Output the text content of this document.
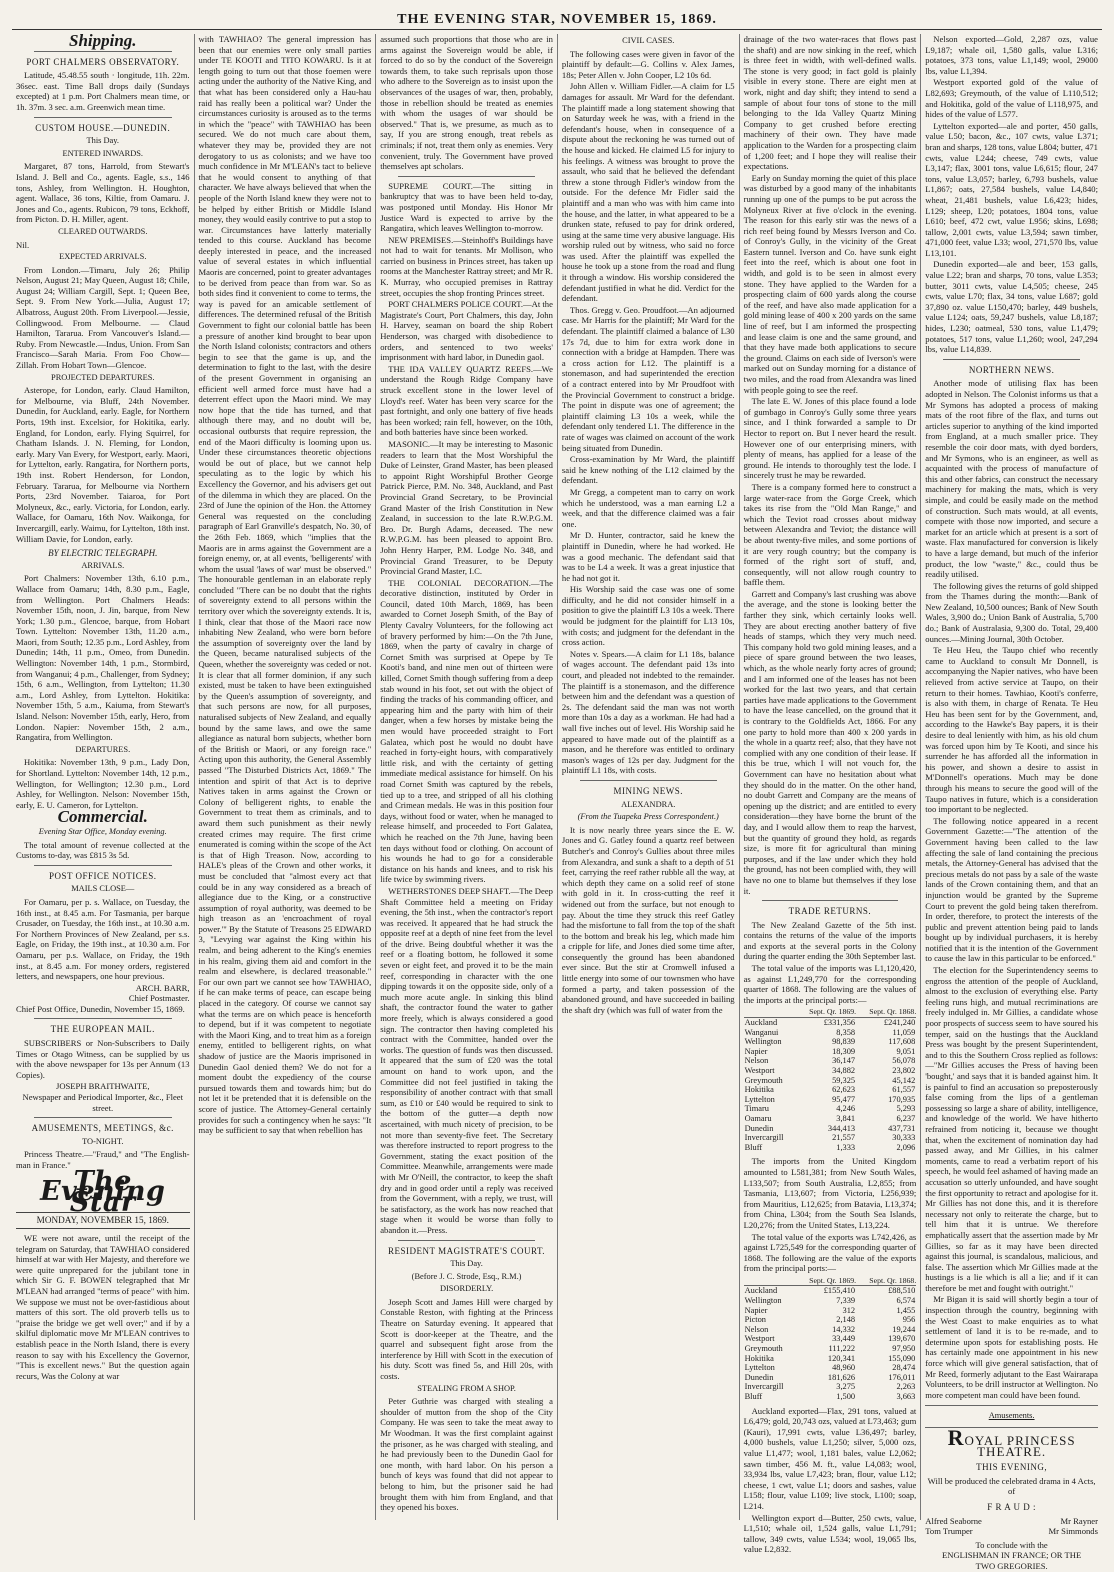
THE EVENING STAR, NOVEMBER 15, 1869.
Shipping.
PORT CHALMERS OBSERVATORY.

Latitude, 45.48.55 south · longitude, 11h. 22m. 36sec. east. Time Ball drops daily (Sundays excepted) at 1 p.m. Port Chalmers mean time, or 1h. 37m. 3 sec. a.m. Greenwich mean time.

CUSTOM HOUSE.—DUNEDIN.
This Day.
ENTERED INWARDS.

Margaret, 87 tons, Harrold, from Stewart's Island. J. Bell and Co., agents. Eagle, s.s., 146 tons, Ashley, from Wellington. H. Houghton, agent. Wallace, 36 tons, Kiltie, from Oamaru. J. Jones and Co., agents. Rubicon, 79 tons, Eckhoff, from Picton. D. H. Miller, agent.

CLEARED OUTWARDS.

Nil.

EXPECTED ARRIVALS.

From London.—Timaru, July 26; Philip Nelson, August 21; May Queen, August 18; Chile, August 24; William Cargill, Sept. 1; Queen Bee, Sept. 9. From New York.—Julia, August 17; Albatross, August 20th. From Liverpool.—Jessie, Collingwood. From Melbourne. — Claud Hamilton, Tararua. From Vancouver's Island.—Ruby. From Newcastle.—Indus, Union. From San Francisco—Sarah Maria. From Foo Chow—Zillah. From Hobart Town—Glencoe.

PROJECTED DEPARTURES.

Asterope, for London, early. Claud Hamilton, for Melbourne, via Bluff, 24th November. Dunedin, for Auckland, early. Eagle, for Northern Ports, 19th inst. Excelsior, for Hokitika, early. England, for London, early. Flying Squirrel, for Chatham Islands. J. N. Fleming, for London, early. Mary Van Every, for Westport, early. Maori, for Lyttelton, early. Rangatira, for Northern ports, 19th inst. Robert Henderson, for London, February. Tararua, for Melbourne via Northern Ports, 23rd November. Taiaroa, for Port Molyneux, &c., early. Victoria, for London, early. Wallace, for Oamaru, 16th Nov. Waikonga, for Invercargill, early. Waimu, for Lyttelton, 18th inst. William Davie, for London, early.

BY ELECTRIC TELEGRAPH.
ARRIVALS.

Port Chalmers: November 13th, 6.10 p.m., Wallace from Oamaru; 14th, 8.30 p.m., Eagle, from Wellington. Port Chalmers Heads: November 15th, noon, J. Jin, barque, from New York; 1.30 p.m., Glencoe, barque, from Hobart Town. Lyttelton: November 13th, 11.20 a.m., Maori, from South; 12.35 p.m., Lord Ashley, from Dunedin; 14th, 11 p.m., Omeo, from Dunedin. Wellington: November 14th, 1 p.m., Stormbird, from Wanganui; 4 p.m., Challenger, from Sydney; 15th, 6 a.m., Wellington, from Lyttelton; 11.30 a.m., Lord Ashley, from Lyttelton. Hokitika: November 15th, 5 a.m., Kaiuma, from Stewart's Island. Nelson: November 15th, early, Hero, from London. Napier: November 15th, 2 a.m., Rangatira, from Wellington.

DEPARTURES.

Hokitika: November 13th, 9 p.m., Lady Don, for Shortland. Lyttelton: November 14th, 12 p.m., Wellington, for Wellington; 12.30 p.m., Lord Ashley, for Wellington. Nelson: November 15th, early, E. U. Cameron, for Lyttelton.

Commercial.
Evening Star Office, Monday evening.

The total amount of revenue collected at the Customs to-day, was £815 3s 5d.

POST OFFICE NOTICES.
MAILS CLOSE—

For Oamaru, per p. s. Wallace, on Tuesday, the 16th inst., at 8.45 a.m. For Tasmania, per barque Crusader, on Tuesday, the 16th inst., at 10.30 a.m. For Northern Provinces of New Zealand, per s.s. Eagle, on Friday, the 19th inst., at 10.30 a.m. For Oamaru, per p.s. Wallace, on Friday, the 19th inst., at 8.45 a.m. For money orders, registered letters, and newspapers, one hour previous.

ARCH. BARR,
Chief Postmaster.

Chief Post Office, Dunedin, November 15, 1869.

THE EUROPEAN MAIL.

SUBSCRIBERS or Non-Subscribers to Daily Times or Otago Witness, can be supplied by us with the above newspaper for 13s per Annum (13 Copies).

JOSEPH BRAITHWAITE,
Newspaper and Periodical Importer, &c., Fleet street.
AMUSEMENTS, MEETINGS, &c.
TO-NIGHT.

Princess Theatre.—"Fraud," and "The English-man in France."

The Evening Star
MONDAY, NOVEMBER 15, 1869.

WE were not aware, until the receipt of the telegram on Saturday, that TAWHIAO considered himself at war with Her Majesty, and therefore we were quite unprepared for the jubilant tone in which Sir G. F. BOWEN telegraphed that Mr M'LEAN had arranged "terms of peace" with him. We suppose we must not be over-fastidious about matters of this sort. The old proverb tells us to "praise the bridge we get well over;" and if by a skilful diplomatic move Mr M'LEAN contrives to establish peace in the North Island, there is every reason to say with his Excellency the Governor, "This is excellent news." But the question again recurs, Was the Colony at war

with TAWHIAO? The general impression has been that our enemies were only small parties under TE KOOTI and TITO KOWARU. Is it at length going to turn out that those foemen were acting under the authority of the Native King, and that what has been considered only a Hau-hau raid has really been a political war? Under the circumstances curiosity is aroused as to the terms in which the "peace" with TAWHIAO has been secured. We do not much care about them, whatever they may be, provided they are not derogatory to us as colonists; and we have too much confidence in Mr M'LEAN's tact to believe that he would consent to anything of that character. We have always believed that when the people of the North Island knew they were not to be helped by either British or Middle Island money, they would easily contrive to put a stop to war. Circumstances have latterly materially tended to this course. Auckland has become deeply interested in peace, and the increased value of several estates in which influential Maoris are concerned, point to greater advantages to be derived from peace than from war. So as both sides find it convenient to come to terms, the way is paved for an amicable settlement of differences. The determined refusal of the British Government to fight our colonial battle has been a pressure of another kind brought to bear upon the North Island colonists; contractors and others begin to see that the game is up, and the determination to fight to the last, with the desire of the present Government in organising an efficient well armed force must have had a deterrent effect upon the Maori mind. We may now hope that the tide has turned, and that although there may, and no doubt will be, occasional outbursts that require repression, the end of the Maori difficulty is looming upon us. Under these circumstances theoretic objections would be out of place, but we cannot help speculating as to the logic by which his Excellency the Governor, and his advisers get out of the dilemma in which they are placed. On the 23rd of June the opinion of the Hon. the Attorney General was requested on the concluding paragraph of Earl Granville's despatch, No. 30, of the 26th Feb. 1869, which "implies that the Maoris are in arms against the Government are a foreign enemy, or, at all events, 'belligerents' with whom the usual 'laws of war' must be observed." The honourable gentleman in an elaborate reply concluded "There can be no doubt that the rights of sovereignty extend to all persons within the territory over which the sovereignty extends. It is, I think, clear that those of the Maori race now inhabiting New Zealand, who were born before the assumption of sovereignty over the land by the Queen, became naturalised subjects of the Queen, whether the sovereignty was ceded or not. It is clear that all former dominion, if any such existed, must be taken to have been extinguished by the Queen's assumption of sovereignty, and that such persons are now, for all purposes, naturalised subjects of New Zealand, and equally bound by the same laws, and owe the same allegiance as natural born subjects, whether born of the British or Maori, or any foreign race." Acting upon this authority, the General Assembly passed "The Disturbed Districts Act, 1869." The intention and spirit of that Act is to deprive Natives taken in arms against the Crown or Colony of belligerent rights, to enable the Government to treat them as criminals, and to award them such punishment as their newly created crimes may require. The first crime enumerated is coming within the scope of the Act is that of High Treason. Now, according to HALE's pleas of the Crown and other works, it must be concluded that "almost every act that could be in any way considered as a breach of allegiance due to the King, or a constructive assumption of royal authority, was deemed to be high treason as an 'encroachment of royal power.'" By the Statute of Treasons 25 EDWARD 3, "Levying war against the King within his realm, and being adherent to the King's enemies in his realm, giving them aid and comfort in the realm and elsewhere, is declared treasonable." For our own part we cannot see how TAWHIAO, if he can make terms of peace, can escape being placed in the category. Of course we cannot say what the terms are on which peace is henceforth to depend, but if it was competent to negotiate with the Maori King, and to treat him as a foreign enemy, entitled to belligerent rights, on what shadow of justice are the Maoris imprisoned in Dunedin Gaol denied them? We do not for a moment doubt the expediency of the course pursued towards them and towards him; but do not let it be pretended that it is defensible on the score of justice. The Attorney-General certainly provides for such a contingency when he says: "It may be sufficient to say that when rebellion has

assumed such proportions that those who are in arms against the Sovereign would be able, if forced to do so by the conduct of the Sovereign towards them, to take such reprisals upon those who adhere to the Sovereign as to insist upon the observances of the usages of war, then, probably, those in rebellion should be treated as enemies with whom the usages of war should be observed." That is, we presume, as much as to say, If you are strong enough, treat rebels as criminals; if not, treat them only as enemies. Very convenient, truly. The Government have proved themselves apt scholars.

SUPREME COURT.—The sitting in bankruptcy that was to have been held to-day, was postponed until Monday. His Honor Mr Justice Ward is expected to arrive by the Rangatira, which leaves Wellington to-morrow.

NEW PREMISES.—Steinhoff's Buildings have not had to wait for tenants. Mr Mollison, who carried on business in Princes street, has taken up rooms at the Manchester Rattray street; and Mr R. K. Murray, who occupied premises in Rattray street, occupies the shop fronting Princes street.

PORT CHALMERS POLICE COURT.—At the Magistrate's Court, Port Chalmers, this day, John H. Harvey, seaman on board the ship Robert Henderson, was charged with disobedience to orders, and sentenced to two weeks' imprisonment with hard labor, in Dunedin gaol.

THE IDA VALLEY QUARTZ REEFS.—We understand the Rough Ridge Company have struck excellent stone in the lower level of Lloyd's reef. Water has been very scarce for the past fortnight, and only one battery of five heads has been worked; rain fell, however, on the 10th, and both batteries have since been worked.

MASONIC.—It may be interesting to Masonic readers to learn that the Most Worshipful the Duke of Leinster, Grand Master, has been pleased to appoint Right Worshipful Brother George Patrick Pierce, P.M. No. 348, Auckland, and Past Provincial Grand Secretary, to be Provincial Grand Master of the Irish Constitution in New Zealand, in succession to the late R.W.P.G.M. Bro. Dr. Burgh Adams, deceased. The new R.W.P.G.M. has been pleased to appoint Bro. John Henry Harper, P.M. Lodge No. 348, and Provincial Grand Treasurer, to be Deputy Provincial Grand Master, I.C.

THE COLONIAL DECORATION.—The decorative distinction, instituted by Order in Council, dated 10th March, 1869, has been awarded to Cornet Joseph Smith, of the Bay of Plenty Cavalry Volunteers, for the following act of bravery performed by him:—On the 7th June, 1869, when the party of cavalry in charge of Cornet Smith was surprised at Opepe by Te Kooti's band, and nine men out of thirteen were killed, Cornet Smith though suffering from a deep stab wound in his foot, set out with the object of finding the tracks of his commanding officer, and appearing him and the party with him of their danger, when a few horses by mistake being the men would have proceeded straight to Fort Galatea, which post he would no doubt have reached in forty-eight hours, with comparatively little risk, and with the certainty of getting immediate medical assistance for himself. On his road Cornet Smith was captured by the rebels, tied up to a tree, and stripped of all his clothing and Crimean medals. He was in this position four days, without food or water, when he managed to release himself, and proceeded to Fort Galatea, which he reached on the 7th June, having been ten days without food or clothing. On account of his wounds he had to go for a considerable distance on his hands and knees, and to risk his life twice by swimming rivers.

WETHERSTONES DEEP SHAFT.—The Deep Shaft Committee held a meeting on Friday evening, the 5th inst., when the contractor's report was received. It appeared that he had struck the opposite reef at a depth of nine feet from the level of the drive. Being doubtful whether it was the reef or a floating bottom, he followed it some seven or eight feet, and proved it to be the main reef, corresponding in character with the one dipping towards it on the opposite side, only of a much more acute angle. In sinking this blind shaft, the contractor found the water to gather more freely, which is always considered a good sign. The contractor then having completed his contract with the Committee, handed over the works. The question of funds was then discussed. It appeared that the sum of £20 was the total amount on hand to work upon, and the Committee did not feel justified in taking the responsibility of another contract with that small sum, as £10 or £40 would be required to sink to the bottom of the gutter—a depth now ascertained, with much nicety of precision, to be not more than seventy-five feet. The Secretary was therefore instructed to report progress to the Government, stating the exact position of the Committee. Meanwhile, arrangements were made with Mr O'Neill, the contractor, to keep the shaft dry and in good order until a reply was received from the Government, with a reply, we trust, will be satisfactory, as the work has now reached that stage when it would be worse than folly to abandon it.—Press.

RESIDENT MAGISTRATE'S COURT.
This Day.
(Before J. C. Strode, Esq., R.M.)
DISORDERLY.

Joseph Scott and James Hill were charged by Constable Reston, with fighting at the Princess Theatre on Saturday evening. It appeared that Scott is door-keeper at the Theatre, and the quarrel and subsequent fight arose from the interference by Hill with Scott in the execution of his duty. Scott was fined 5s, and Hill 20s, with costs.

STEALING FROM A SHOP.

Peter Guthrie was charged with stealing a shoulder of mutton from the shop of the City Company. He was seen to take the meat away to Mr Woodman. It was the first complaint against the prisoner, as he was charged with stealing, and he had previously been to the Dunedin Gaol for one month, with hard labor. On his person a bunch of keys was found that did not appear to belong to him, but the prisoner said he had brought them with him from England, and that they opened his boxes.

CIVIL CASES.

The following cases were given in favor of the plaintiff by default:—G. Collins v. Alex James, 18s; Peter Allen v. John Cooper, L2 10s 6d.

John Allen v. William Fidler.—A claim for L5 damages for assault. Mr Ward for the defendant. The plaintiff made a long statement showing that on Saturday week he was, with a friend in the defendant's house, when in consequence of a dispute about the reckoning he was turned out of the house and kicked. He claimed L5 for injury to his feelings. A witness was brought to prove the assault, who said that he believed the defendant threw a stone through Fidler's window from the outside. For the defence Mr Fidler said the plaintiff and a man who was with him came into the house, and the latter, in what appeared to be a drunken state, refused to pay for drink ordered, using at the same time very abusive language. His worship ruled out by witness, who said no force was used. After the plaintiff was expelled the house he took up a stone from the road and flung it through a window. His worship considered the defendant justified in what he did. Verdict for the defendant.

Thos. Gregg v. Geo. Proudfoot.—An adjourned case. Mr Harris for the plaintiff; Mr Ward for the defendant. The plaintiff claimed a balance of L30 17s 7d, due to him for extra work done in connection with a bridge at Hampden. There was a cross action for L12. The plaintiff is a stonemason, and had superintended the erection of a contract entered into by Mr Proudfoot with the Provincial Government to construct a bridge. The point in dispute was one of agreement; the plaintiff claiming L3 10s a week, while the defendant only tendered L1. The difference in the rate of wages was claimed on account of the work being situated from Dunedin.

Cross-examination by Mr Ward, the plaintiff said he knew nothing of the L12 claimed by the defendant.

Mr Gregg, a competent man to carry on work which he understood, was a man earning L2 a week, and that the difference claimed was a fair one.

Mr D. Hunter, contractor, said he knew the plaintiff in Dunedin, where he had worked. He was a good mechanic. The defendant said that was to be L4 a week. It was a great injustice that he had not got it.

His Worship said the case was one of some difficulty, and he did not consider himself in a position to give the plaintiff L3 10s a week. There would be judgment for the plaintiff for L13 10s, with costs; and judgment for the defendant in the cross action.

Notes v. Spears.—A claim for L1 18s, balance of wages account. The defendant paid 13s into court, and pleaded not indebted to the remainder. The plaintiff is a stonemason, and the difference between him and the defendant was a question of 2s. The defendant said the man was not worth more than 10s a day as a workman. He had had a wall five inches out of level. His Worship said he appeared to have made out of the plaintiff as a mason, and he therefore was entitled to ordinary mason's wages of 12s per day. Judgment for the plaintiff L1 18s, with costs.

MINING NEWS.
ALEXANDRA.
(From the Tuapeka Press Correspondent.)

It is now nearly three years since the E. W. Jones and G. Gatley found a quartz reef between Butcher's and Conroy's Gullies about three miles from Alexandra, and sunk a shaft to a depth of 51 feet, carrying the reef rather rubble all the way, at which depth they came on a solid reef of stone with gold in it. In cross-cutting the reef it widened out from the surface, but not enough to pay. About the time they struck this reef Gatley had the misfortune to fall from the top of the shaft to the bottom and break his leg, which made him a cripple for life, and Jones died some time after, consequently the ground has been abandoned ever since. But the stir at Cromwell infused a little energy into some of our townsmen who have formed a party, and taken possession of the abandoned ground, and have succeeded in bailing the shaft dry (which was full of water from the

drainage of the two water-races that flows past the shaft) and are now sinking in the reef, which is three feet in width, with well-defined walls. The stone is very good; in fact gold is plainly visible in every stone. There are eight men at work, night and day shift; they intend to send a sample of about four tons of stone to the mill belonging to the Ida Valley Quartz Mining Company to get crushed before erecting machinery of their own. They have made application to the Warden for a prospecting claim of 1,200 feet; and I hope they will realise their expectations.

Early on Sunday morning the quiet of this place was disturbed by a good many of the inhabitants running up one of the pumps to be put across the Molyneux River at five o'clock in the evening. The reason for this early stir was the news of a rich reef being found by Messrs Iverson and Co. of Conroy's Gully, in the vicinity of the Great Eastern tunnel. Iverson and Co. have sunk eight feet into the reef, which is about one foot in width, and gold is to be seen in almost every stone. They have applied to the Warden for a prospecting claim of 600 yards along the course of the reef, and have also made application for a gold mining lease of 400 x 200 yards on the same line of reef, but I am informed the prospecting and lease claim is one and the same ground, and that they have made both applications to secure the ground. Claims on each side of Iverson's were marked out on Sunday morning for a distance of two miles, and the road from Alexandra was lined with people going to see the reef.

The late E. W. Jones of this place found a lode of gumbago in Conroy's Gully some three years since, and I think forwarded a sample to Dr Hector to report on. But I never heard the result. However one of our enterprising miners, with plenty of means, has applied for a lease of the ground. He intends to thoroughly test the lode. I sincerely trust he may be rewarded.

There is a company formed here to construct a large water-race from the Gorge Creek, which takes its rise from the "Old Man Range," and which the Teviot road crosses about midway between Alexandra and Teviot; the distance will be about twenty-five miles, and some portions of it are very rough country; but the company is formed of the right sort of stuff, and, consequently, will not allow rough country to baffle them.

Garrett and Company's last crushing was above the average, and the stone is looking better the farther they sink, which certainly looks well. They are about erecting another battery of five heads of stamps, which they very much need. This company hold two gold mining leases, and a piece of spare ground between the two leases, which, as the whole nearly forty acres of ground; and I am informed one of the leases has not been worked for the last two years, and that certain parties have made applications to the Government to have the lease cancelled, on the ground that it is contrary to the Goldfields Act, 1866. For any one party to hold more than 400 x 200 yards in the whole in a quartz reef; also, that they have not complied with any one condition of their lease. If this be true, which I will not vouch for, the Government can have no hesitation about what they should do in the matter. On the other hand, no doubt Garrett and Company are the means of opening up the district; and are entitled to every consideration—they have borne the brunt of the day, and I would allow them to reap the harvest, but the quantity of ground they hold, as regards size, is more fit for agricultural than mining purposes, and if the law under which they hold the ground, has not been complied with, they will have no one to blame but themselves if they lose it.

TRADE RETURNS.

The New Zealand Gazette of the 5th inst. contains the returns of the value of the imports and exports at the several ports in the Colony during the quarter ending the 30th September last.

The total value of the imports was L1,120,420, as against L1,249,770 for the corresponding quarter of 1868. The following are the values of the imports at the principal ports:—

	Sept. Qr. 1869.	Sept. Qr. 1868.
Auckland	£331,356	£241,240
Wanganui	8,358	11,059
Wellington	98,839	117,608
Napier	18,309	9,051
Nelson	36,147	56,078
Westport	34,882	23,802
Greymouth	59,325	45,142
Hokitika	62,623	61,557
Lyttelton	95,477	170,935
Timaru	4,246	5,293
Oamaru	3,841	6,237
Dunedin	344,413	437,731
Invercargill	21,557	30,333
Bluff	1,333	2,096

The imports from the United Kingdom amounted to L581,381; from New South Wales, L133,507; from South Australia, L2,855; from Tasmania, L13,607; from Victoria, L256,939; from Mauritius, L12,625; from Batavia, L13,374; from China, L304; from the South Sea Islands, L20,276; from the United States, L13,224.

The total value of the exports was L742,426, as against L725,549 for the corresponding quarter of 1868. The following are the value of the exports from the principal ports:—

	Sept. Qr. 1869.	Sept. Qr. 1868.
Auckland	£155,410	£88,510
Wellington	7,339	6,574
Napier	312	1,455
Picton	2,148	956
Nelson	14,332	19,244
Westport	33,449	139,670
Greymouth	111,222	97,950
Hokitika	120,341	155,090
Lyttelton	48,960	28,474
Dunedin	181,626	176,011
Invercargill	3,275	2,263
Bluff	1,500	3,663

Auckland exported—Flax, 291 tons, valued at L6,479; gold, 20,743 ozs, valued at L73,463; gum (Kauri), 17,991 cwts, value L36,497; barley, 4,000 bushels, value L1,250; silver, 5,000 ozs, value L1,477; wool, 1,181 bales, value L2,062; sawn timber, 456 M. ft., value L4,083; wool, 33,934 lbs, value L7,423; bran, flour, value L12; cheese, 1 cwt, value L1; doors and sashes, value L158; flour, value L109; live stock, L100; soap, L214.

Wellington export d—Butter, 250 cwts, value, L1,510; whale oil, 1,524 galls, value L1,791; tallow, 349 cwts, value L534; wool, 19,065 lbs, value L2,832.

Nelson exported—Gold, 2,287 ozs, value L9,187; whale oil, 1,580 galls, value L316; potatoes, 373 tons, value L1,149; wool, 29000 lbs, value L1,394.

Westport exported gold of the value of L82,693; Greymouth, of the value of L110,512; and Hokitika, gold of the value of L118,975, and hides of the value of L577.

Lyttelton exported—ale and porter, 450 galls, value L50; bacon, &c., 107 cwts, value L371; bran and sharps, 128 tons, value L804; butter, 471 cwts, value L244; cheese, 749 cwts, value L3,147; flax, 3001 tons, value L6,615; flour, 247 tons, value L3,057; barley, 6,793 bushels, value L1,867; oats, 27,584 bushels, value L4,840; wheat, 21,481 bushels, value L6,423; hides, L129; sheep, L20; potatoes, 1804 tons, value L610; beef, 472 cwt, value L956; skins, L698; tallow, 2,001 cwts, value L3,594; sawn timber, 471,000 feet, value L33; wool, 271,570 lbs, value L13,101.

Dunedin exported—ale and beer, 153 galls, value L22; bran and sharps, 70 tons, value L353; butter, 3011 cwts, value L4,505; cheese, 245 cwts, value L70; flax, 34 tons, value L687; gold 37,890 oz. value L150,470; barley, 449 bushels, value L124; oats, 59,247 bushels, value L8,187; hides, L230; oatmeal, 530 tons, value L1,479; potatoes, 517 tons, value L1,260; wool, 247,294 lbs, value L14,839.

NORTHERN NEWS.

Another mode of utilising flax has been adopted in Nelson. The Colonist informs us that a Mr Symons has adopted a process of making mats of the root fibre of the flax, and turns out articles superior to anything of the kind imported from England, at a much smaller price. They resemble the coir door mats, with dyed borders, and Mr Symons, who is an engineer, as well as acquainted with the process of manufacture of this and other fabrics, can construct the necessary machinery for making the mats, which is very simple, and could be easily made on the method of construction. Such mats would, at all events, compete with those now imported, and secure a market for an article which at present is a sort of waste. Flax manufactured for conversion is likely to have a large demand, but much of the inferior product, the low "waste," &c., could thus be readily utilised.

The following gives the returns of gold shipped from the Thames during the month:—Bank of New Zealand, 10,500 ounces; Bank of New South Wales, 3,900 do.; Union Bank of Australia, 5,700 do.; Bank of Australasia, 9,300 do. Total, 29,400 ounces.—Mining Journal, 30th October.

Te Heu Heu, the Taupo chief who recently came to Auckland to consult Mr Donnell, is accompanying the Napier natives, who have been relieved from active service at Taupo, on their return to their homes. Tawhiao, Kooti's conferre, is also with them, in charge of Renata. Te Heu Heu has been sent for by the Government, and, according to the Hawke's Bay papers, it is their desire to deal leniently with him, as his old chum was forced upon him by Te Kooti, and since his surrender he has afforded all the information in his power, and shown a desire to assist in M'Donnell's operations. Much may be done through his means to secure the good will of the Taupo natives in future, which is a consideration too important to be neglected.

The following notice appeared in a recent Government Gazette:—"The attention of the Government having been called to the law affecting the sale of land containing the precious metals, the Attorney-General has advised that the precious metals do not pass by a sale of the waste lands of the Crown containing them, and that an injunction would be granted by the Supreme Court to prevent the gold being taken therefrom. In order, therefore, to protect the interests of the public and prevent attention being paid to lands bought up by individual purchasers, it is hereby notified that it is the intention of the Government to cause the law in this particular to be enforced."

The election for the Superintendency seems to engross the attention of the people of Auckland, almost to the exclusion of everything else. Party feeling runs high, and mutual recriminations are freely indulged in. Mr Gillies, a candidate whose poor prospects of success seem to have soured his temper, said on the hustings that the Auckland Press was bought by the present Superintendent, and to this the Southern Cross replied as follows:—"Mr Gillies accuses the Press of having been 'bought,' and says that it is banded against him. It is painful to find an accusation so preposterously false coming from the lips of a gentleman possessing so large a share of ability, intelligence, and knowledge of the world. We have hitherto refrained from noticing it, because we thought that, when the excitement of nomination day had passed away, and Mr Gillies, in his calmer moments, came to read a verbatim report of his speech, he would feel ashamed of having made an accusation so utterly unfounded, and have sought the first opportunity to retract and apologise for it. Mr Gillies has not done this, and it is therefore necessary not only to reiterate the charge, but to tell him that it is untrue. We therefore emphatically assert that the assertion made by Mr Gillies, so far as it may have been directed against this journal, is scandalous, malicious, and false. The assertion which Mr Gillies made at the hustings is a lie which is all a lie; and if it can therefore be met and fought with outright."

Mr Bigan it is said will shortly begin a tour of inspection through the country, beginning with the West Coast to make enquiries as to what settlement of land it is to be re-made, and to determine upon spots for establishing posts. He has certainly made one appointment in his new force which will give general satisfaction, that of Mr Reed, formerly adjutant to the East Wairarapa Volunteers, to be drill instructor at Wellington. No more competent man could have been found.

Amusements.
ROYAL PRINCESS THEATRE.
THIS EVENING,
Will be produced the celebrated drama in 4 Acts, of
F R A U D :
Alfred Seaborne	Mr Rayner
Tom Trumper	Mr Simmonds
To conclude with the
ENGLISHMAN IN FRANCE; OR THE
TWO GREGORIES.
